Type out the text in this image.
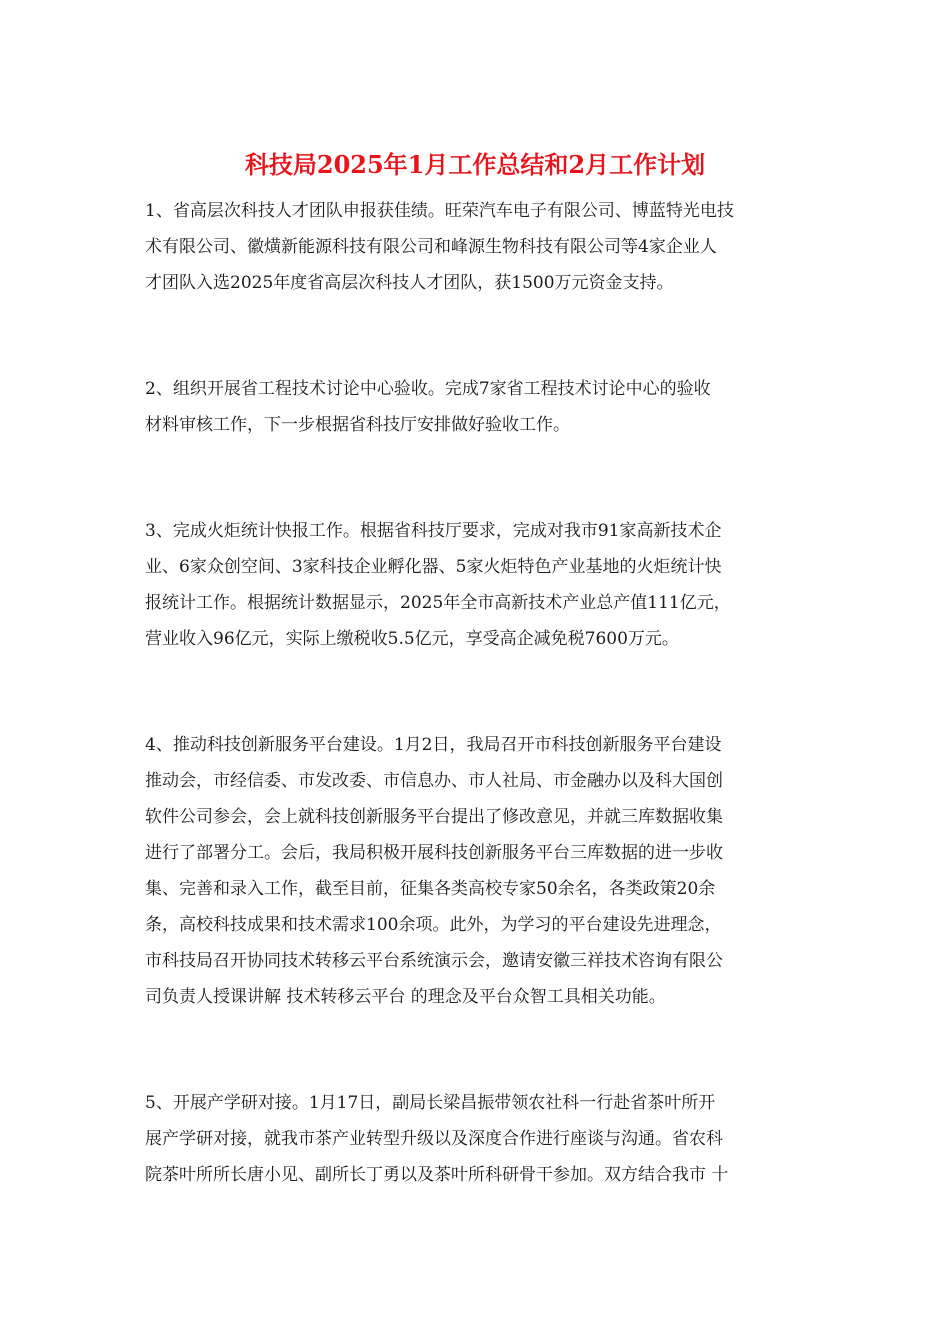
科技局2025年1月工作总结和2月工作计划
1、省高层次科技人才团队申报获佳绩。旺荣汽车电子有限公司、博蓝特光电技
术有限公司、徽熿新能源科技有限公司和峰源生物科技有限公司等4家企业人
才团队入选2025年度省高层次科技人才团队，获1500万元资金支持。
2、组织开展省工程技术讨论中心验收。完成7家省工程技术讨论中心的验收
材料审核工作，下一步根据省科技厅安排做好验收工作。
3、完成火炬统计快报工作。根据省科技厅要求，完成对我市91家高新技术企
业、6家众创空间、3家科技企业孵化器、5家火炬特色产业基地的火炬统计快
报统计工作。根据统计数据显示，2025年全市高新技术产业总产值111亿元，
营业收入96亿元，实际上缴税收5.5亿元，享受高企减免税7600万元。
4、推动科技创新服务平台建设。1月2日，我局召开市科技创新服务平台建设
推动会，市经信委、市发改委、市信息办、市人社局、市金融办以及科大国创
软件公司参会，会上就科技创新服务平台提出了修改意见，并就三库数据收集
进行了部署分工。会后，我局积极开展科技创新服务平台三库数据的进一步收
集、完善和录入工作，截至目前，征集各类高校专家50余名，各类政策20余
条，高校科技成果和技术需求100余项。此外，为学习的平台建设先进理念，
市科技局召开协同技术转移云平台系统演示会，邀请安徽三祥技术咨询有限公
司负责人授课讲解 技术转移云平台 的理念及平台众智工具相关功能。
5、开展产学研对接。1月17日，副局长梁昌振带领农社科一行赴省茶叶所开
展产学研对接，就我市茶产业转型升级以及深度合作进行座谈与沟通。省农科
院茶叶所所长唐小见、副所长丁勇以及茶叶所科研骨干参加。双方结合我市 十
